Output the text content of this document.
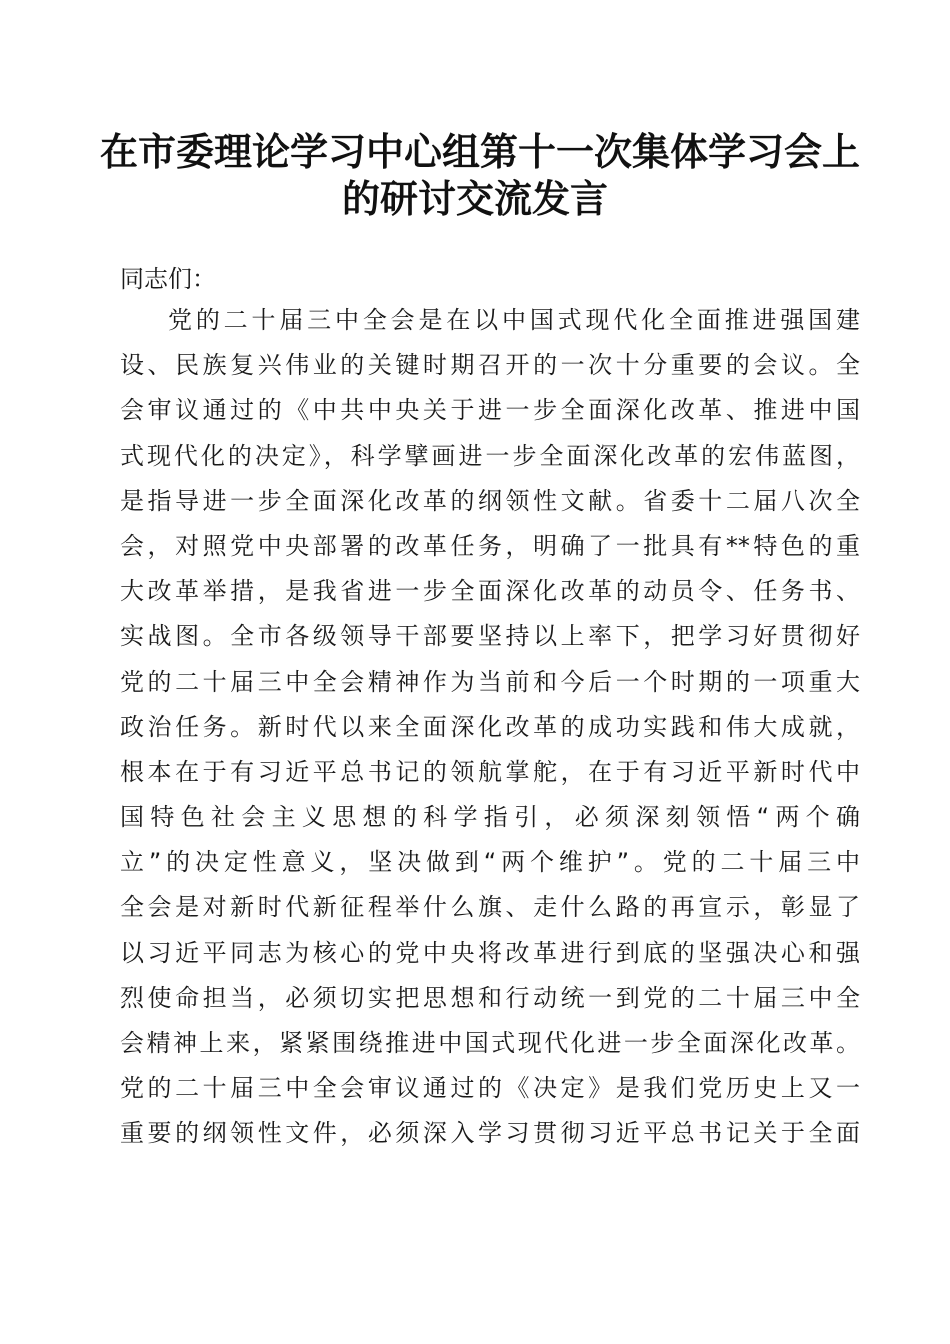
在市委理论学习中心组第十一次集体学习会上
的研讨交流发言
同志们：
党的二十届三中全会是在以中国式现代化全面推进强国建
设、民族复兴伟业的关键时期召开的一次十分重要的会议。全
会审议通过的《中共中央关于进一步全面深化改革、推进中国
式现代化的决定》，科学擘画进一步全面深化改革的宏伟蓝图，
是指导进一步全面深化改革的纲领性文献。省委十二届八次全
会，对照党中央部署的改革任务，明确了一批具有**特色的重
大改革举措，是我省进一步全面深化改革的动员令、任务书、
实战图。全市各级领导干部要坚持以上率下，把学习好贯彻好
党的二十届三中全会精神作为当前和今后一个时期的一项重大
政治任务。新时代以来全面深化改革的成功实践和伟大成就，
根本在于有习近平总书记的领航掌舵，在于有习近平新时代中
国特色社会主义思想的科学指引，必须深刻领悟“两个确
立”的决定性意义，坚决做到“两个维护”。党的二十届三中
全会是对新时代新征程举什么旗、走什么路的再宣示，彰显了
以习近平同志为核心的党中央将改革进行到底的坚强决心和强
烈使命担当，必须切实把思想和行动统一到党的二十届三中全
会精神上来，紧紧围绕推进中国式现代化进一步全面深化改革。
党的二十届三中全会审议通过的《决定》是我们党历史上又一
重要的纲领性文件，必须深入学习贯彻习近平总书记关于全面
